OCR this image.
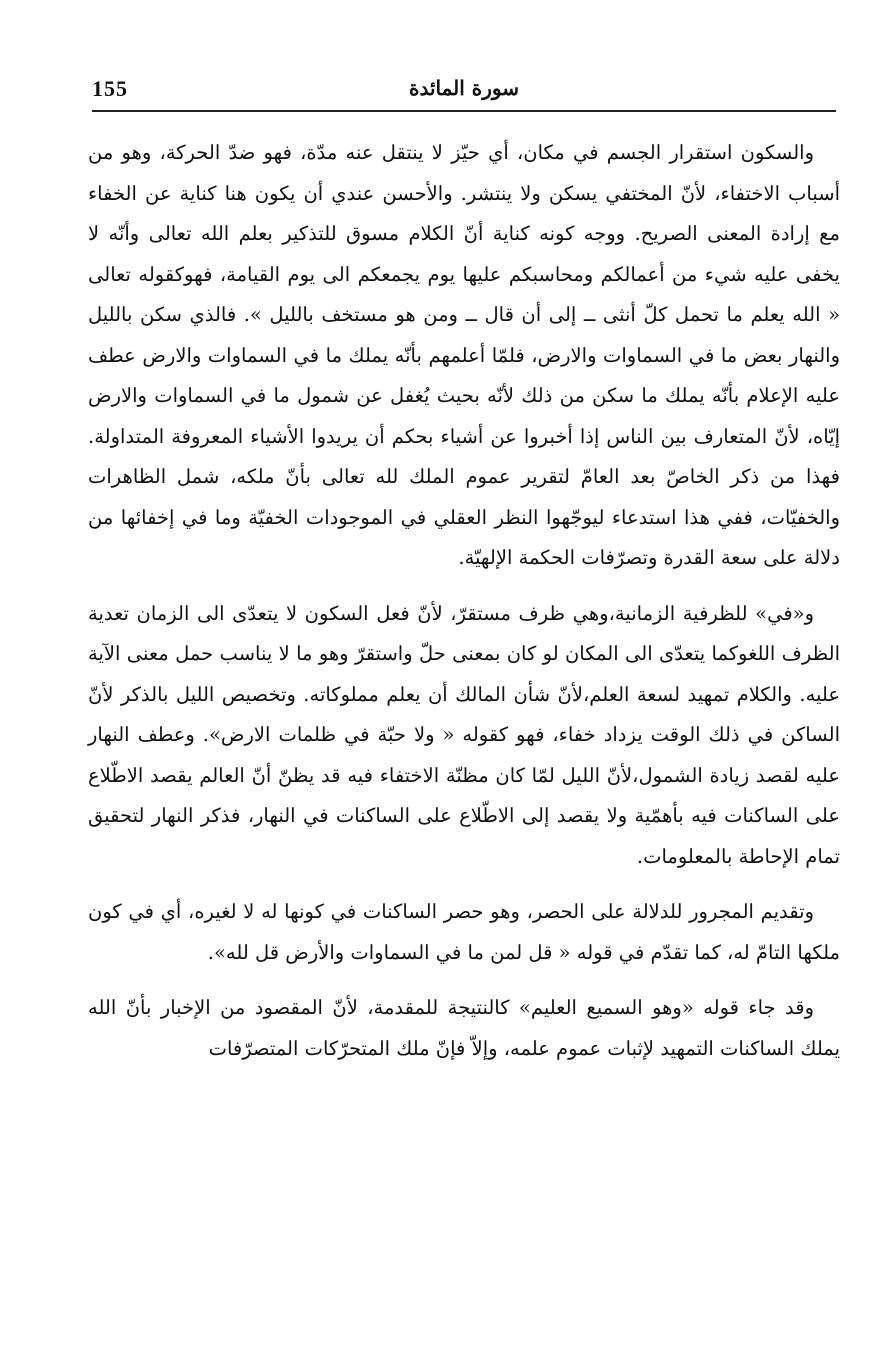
155	سورة المائدة

والسكون استقرار الجسم في مكان، أي حيّز لا ينتقل عنه مدّة، فهو ضدّ الحركة، وهو من أسباب الاختفاء، لأنّ المختفي يسكن ولا ينتشر. والأحسن عندي أن يكون هنا كناية عن الخفاء مع إرادة المعنى الصريح. ووجه كونه كناية أنّ الكلام مسوق للتذكير بعلم الله تعالى وأنّه لا يخفى عليه شيء من أعمالكم ومحاسبكم عليها يوم يجمعكم الى يوم القيامة، فهوكقوله تعالى « الله يعلم ما تحمل كلّ أنثى ــ إلى أن قال ــ ومن هو مستخف بالليل ». فالذي سكن بالليل والنهار بعض ما في السماوات والارض، فلمّا أعلمهم بأنّه يملك ما في السماوات والارض عطف عليه الإعلام بأنّه يملك ما سكن من ذلك لأنّه بحيث يُغفل عن شمول ما في السماوات والارض إيّاه، لأنّ المتعارف بين الناس إذا أخبروا عن أشياء بحكم أن يريدوا الأشياء المعروفة المتداولة. فهذا من ذكر الخاصّ بعد العامّ لتقرير عموم الملك لله تعالى بأنّ ملكه، شمل الظاهرات والخفيّات، ففي هذا استدعاء ليوجّهوا النظر العقلي في الموجودات الخفيّة وما في إخفائها من دلالة على سعة القدرة وتصرّفات الحكمة الإلهيّة.

و«في» للظرفية الزمانية،وهي ظرف مستقرّ، لأنّ فعل السكون لا يتعدّى الى الزمان تعدية الظرف اللغوكما يتعدّى الى المكان لو كان بمعنى حلّ واستقرّ وهو ما لا يناسب حمل معنى الآية عليه. والكلام تمهيد لسعة العلم،لأنّ شأن المالك أن يعلم مملوكاته. وتخصيص الليل بالذكر لأنّ الساكن في ذلك الوقت يزداد خفاء، فهو كقوله « ولا حبّة في ظلمات الارض». وعطف النهار عليه لقصد زيادة الشمول،لأنّ الليل لمّا كان مظنّة الاختفاء فيه قد يظنّ أنّ العالم يقصد الاطّلاع على الساكنات فيه بأهمّية ولا يقصد إلى الاطّلاع على الساكنات في النهار، فذكر النهار لتحقيق تمام الإحاطة بالمعلومات.

وتقديم المجرور للدلالة على الحصر، وهو حصر الساكنات في كونها له لا لغيره، أي في كون ملكها التامّ له، كما تقدّم في قوله « قل لمن ما في السماوات والأرض قل لله».

وقد جاء قوله «وهو السميع العليم» كالنتيجة للمقدمة، لأنّ المقصود من الإخبار بأنّ الله يملك الساكنات التمهيد لإثبات عموم علمه، وإلاّ فإنّ ملك المتحرّكات المتصرّفات
